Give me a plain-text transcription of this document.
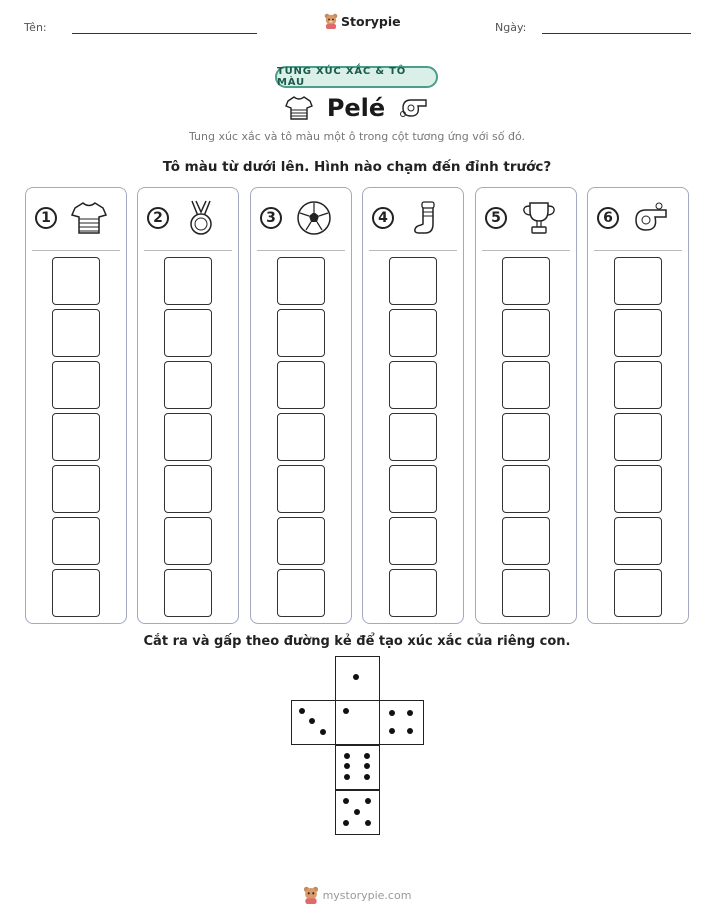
Tên:	Storypie	Ngày:
TUNG XÚC XẮC & TÔ MÀU
Pelé
Tung xúc xắc và tô màu một ô trong cột tương ứng với số đó.
Tô màu từ dưới lên. Hình nào chạm đến đỉnh trước?
1	2	3	4	5	6
Cắt ra và gấp theo đường kẻ để tạo xúc xắc của riêng con.
mystorypie.com
